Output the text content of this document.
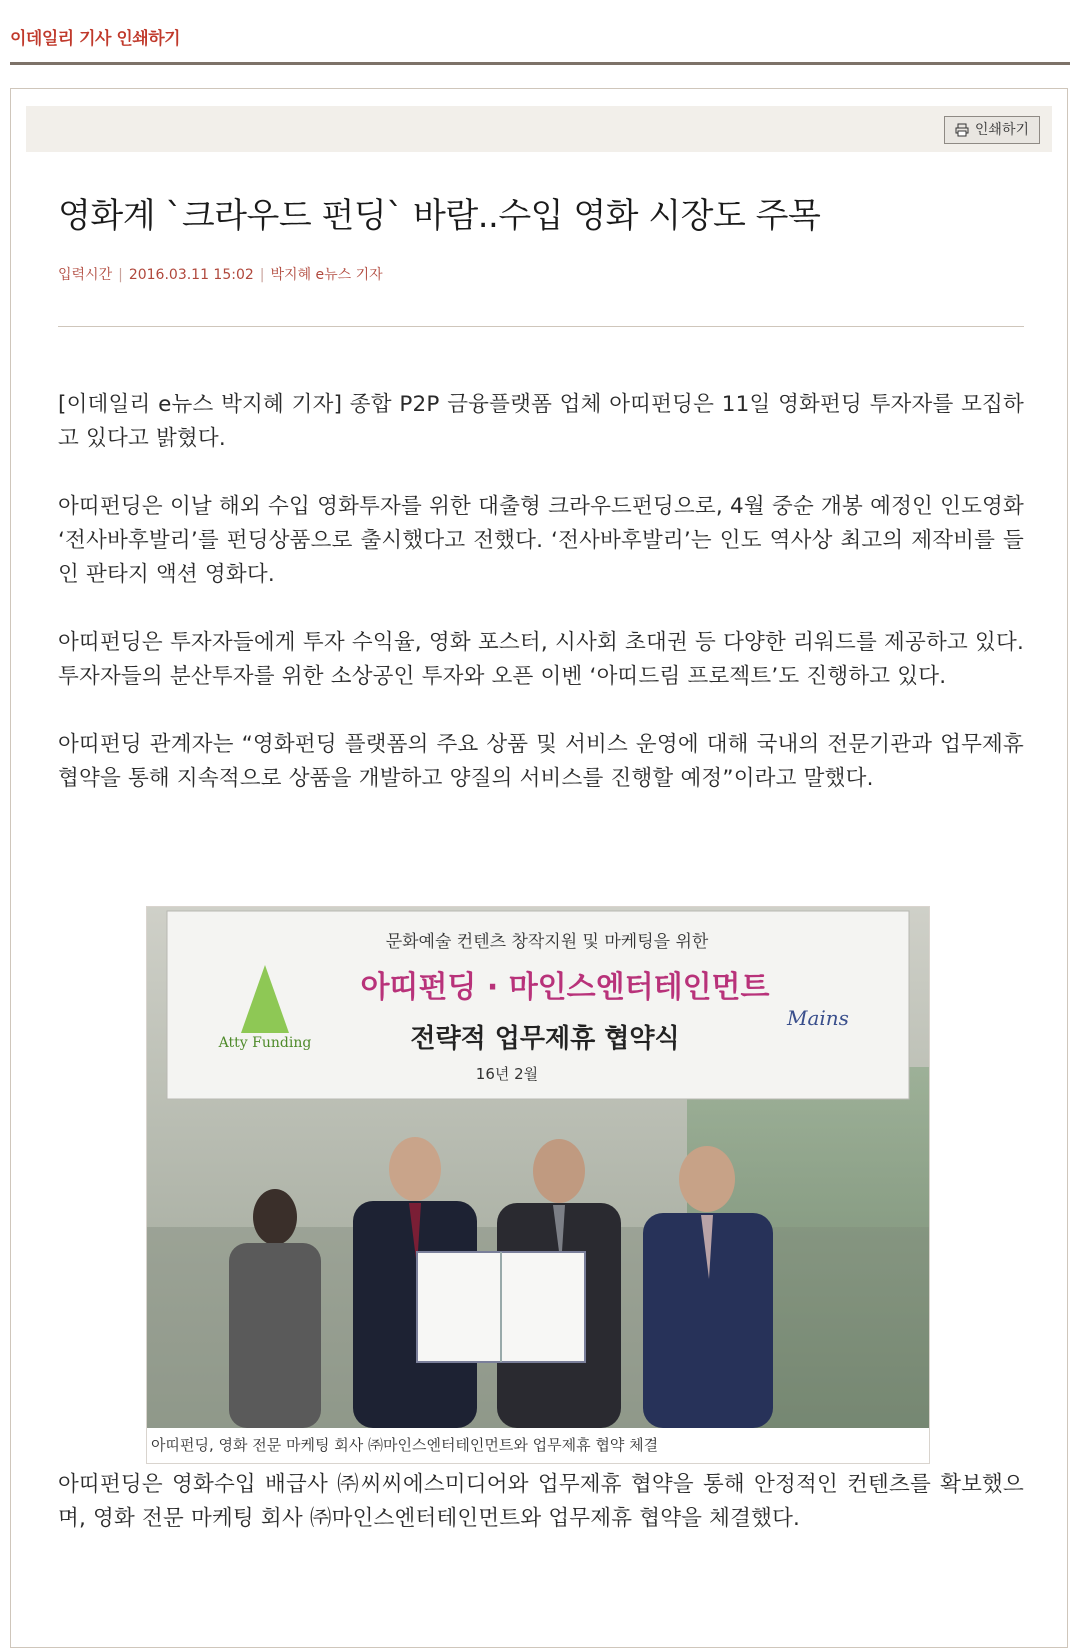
이데일리 기사 인쇄하기
인쇄하기
영화계 `크라우드 펀딩` 바람..수입 영화 시장도 주목
입력시간 | 2016.03.11 15:02 | 박지혜 e뉴스 기자

[이데일리 e뉴스 박지혜 기자] 종합 P2P 금융플랫폼 업체 아띠펀딩은 11일 영화펀딩 투자자를 모집하고 있다고 밝혔다.

아띠펀딩은 이날 해외 수입 영화투자를 위한 대출형 크라우드펀딩으로, 4월 중순 개봉 예정인 인도영화 ‘전사바후발리’를 펀딩상품으로 출시했다고 전했다. ‘전사바후발리’는 인도 역사상 최고의 제작비를 들인 판타지 액션 영화다.

아띠펀딩은 투자자들에게 투자 수익율, 영화 포스터, 시사회 초대권 등 다양한 리워드를 제공하고 있다. 투자자들의 분산투자를 위한 소상공인 투자와 오픈 이벤 ‘아띠드림 프로젝트’도 진행하고 있다.

아띠펀딩 관계자는 “영화펀딩 플랫폼의 주요 상품 및 서비스 운영에 대해 국내의 전문기관과 업무제휴 협약을 통해 지속적으로 상품을 개발하고 양질의 서비스를 진행할 예정”이라고 말했다.

문화예술 컨텐츠 창작지원 및 마케팅을 위한
아띠펀딩 · 마인스엔터테인먼트
전략적 업무제휴 협약식
16년 2월
Atty Funding
Mains
아띠펀딩, 영화 전문 마케팅 회사 ㈜마인스엔터테인먼트와 업무제휴 협약 체결

아띠펀딩은 영화수입 배급사 ㈜씨씨에스미디어와 업무제휴 협약을 통해 안정적인 컨텐츠를 확보했으며, 영화 전문 마케팅 회사 ㈜마인스엔터테인먼트와 업무제휴 협약을 체결했다.
